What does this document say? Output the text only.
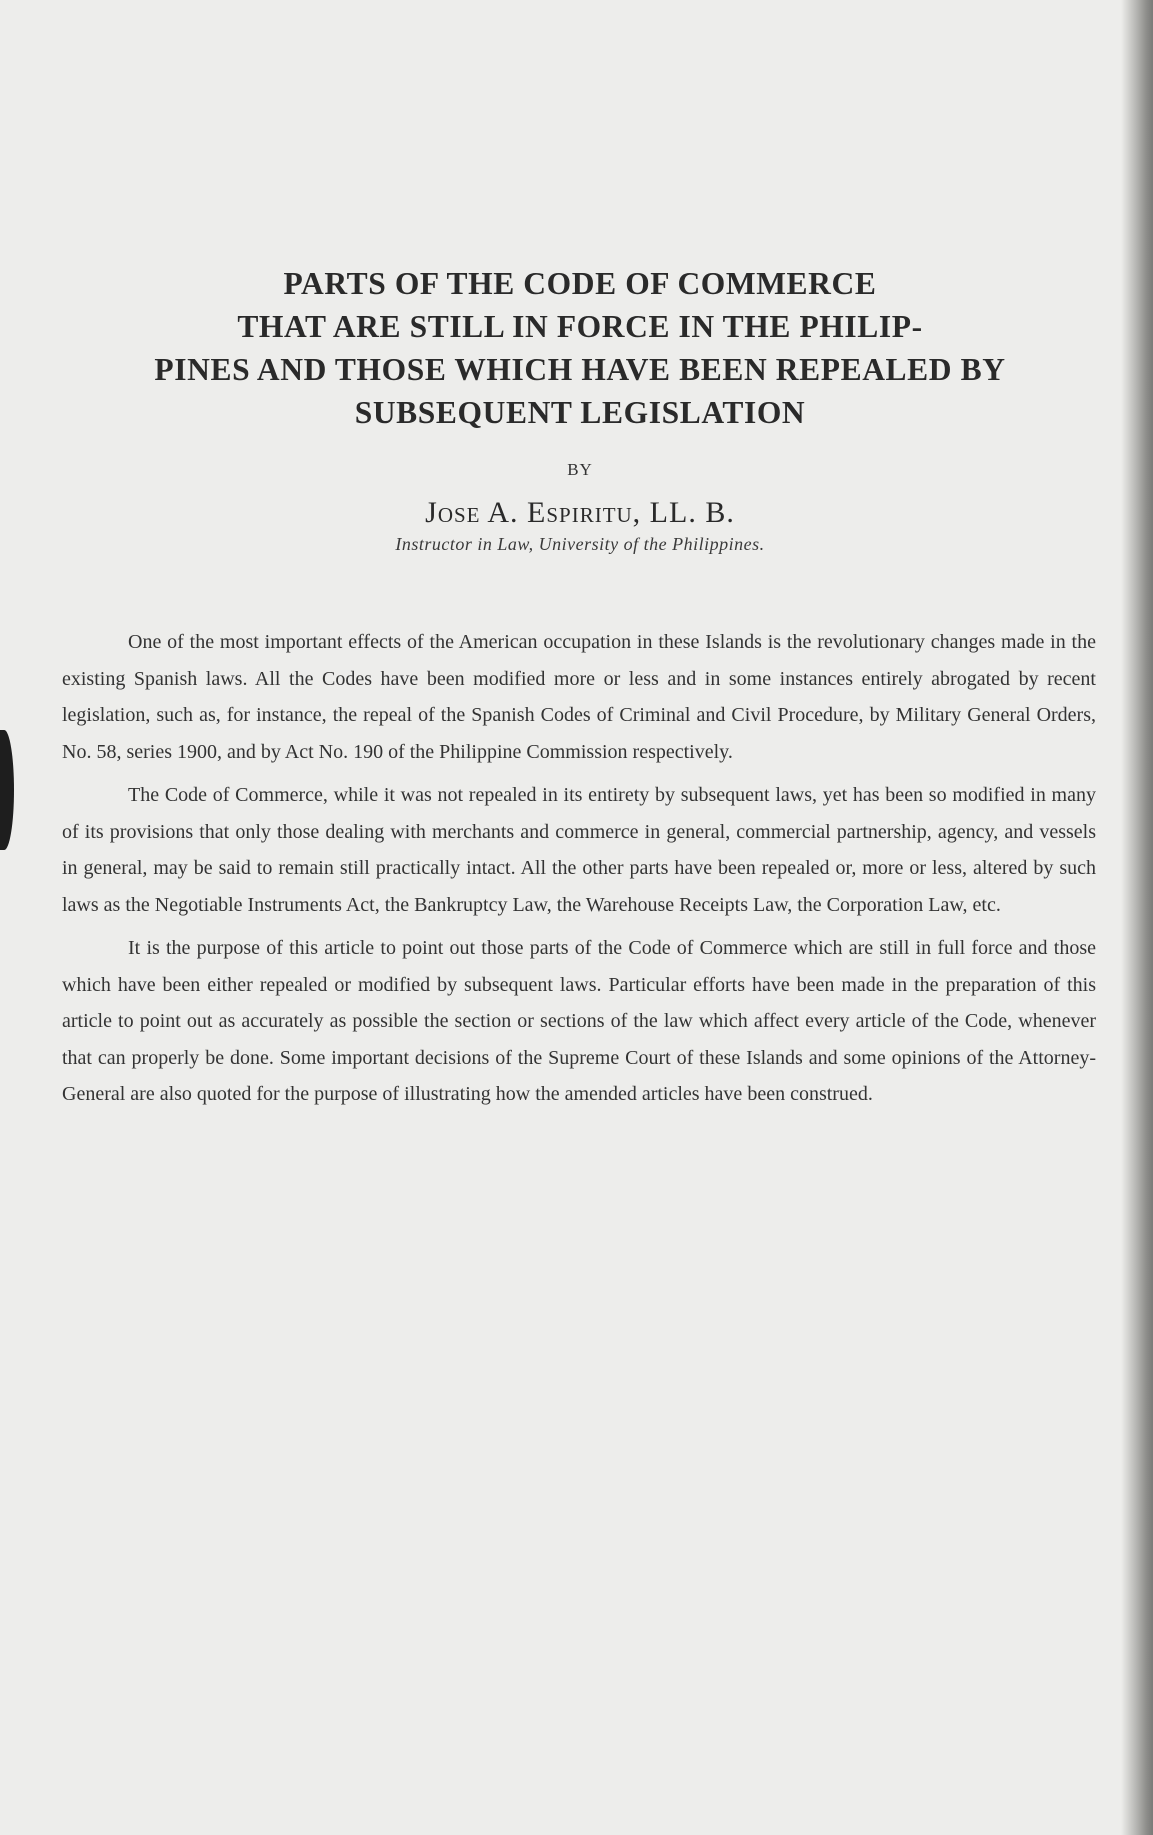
PARTS OF THE CODE OF COMMERCE
THAT ARE STILL IN FORCE IN THE PHILIP-
PINES AND THOSE WHICH HAVE BEEN REPEALED BY
SUBSEQUENT LEGISLATION
BY
Jose A. Espiritu, LL. B.
Instructor in Law, University of the Philippines.

One of the most important effects of the American occupation in these Islands is the revolutionary changes made in the existing Spanish laws. All the Codes have been modified more or less and in some instances entirely abrogated by recent legislation, such as, for instance, the repeal of the Spanish Codes of Criminal and Civil Procedure, by Military General Orders, No. 58, series 1900, and by Act No. 190 of the Philippine Commission respectively.

The Code of Commerce, while it was not repealed in its entirety by subsequent laws, yet has been so modified in many of its provisions that only those dealing with merchants and commerce in general, commercial partnership, agency, and vessels in general, may be said to remain still practically intact. All the other parts have been repealed or, more or less, altered by such laws as the Negotiable Instruments Act, the Bankruptcy Law, the Warehouse Receipts Law, the Corporation Law, etc.

It is the purpose of this article to point out those parts of the Code of Commerce which are still in full force and those which have been either repealed or modified by subsequent laws. Particular efforts have been made in the preparation of this article to point out as accurately as possible the section or sections of the law which affect every article of the Code, whenever that can properly be done. Some important decisions of the Supreme Court of these Islands and some opinions of the Attorney-General are also quoted for the purpose of illustrating how the amended articles have been construed.
